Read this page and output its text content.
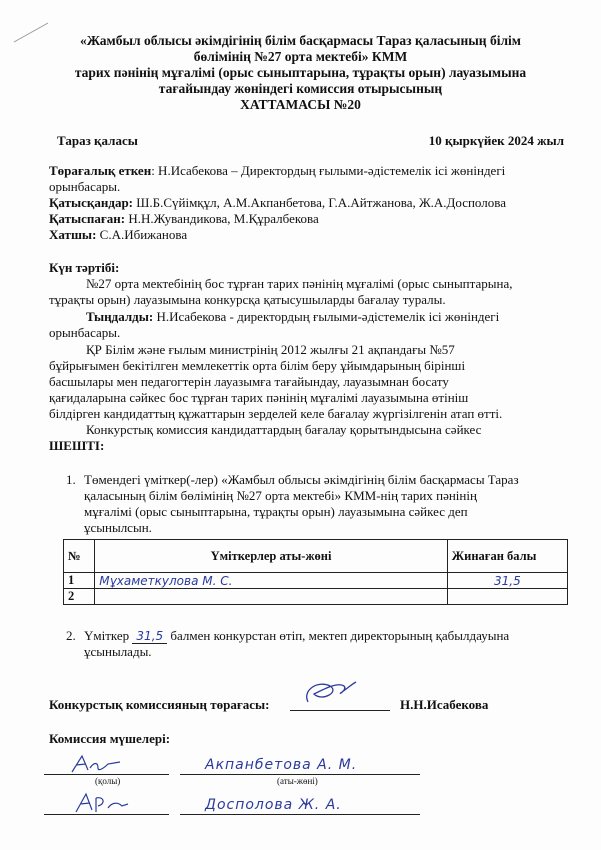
«Жамбыл облысы әкімдігінің білім басқармасы Тараз қаласының білім
бөлімінің №27 орта мектебі» КММ
тарих пәнінің мұғалімі (орыс сыныптарына, тұрақты орын) лауазымына
тағайындау жөніндегі комиссия отырысының
ХАТТАМАСЫ №20
Тараз қаласы	10 қыркүйек 2024 жыл
Төрағалық еткен: Н.Исабекова – Директордың ғылыми-әдістемелік ісі жөніндегі
орынбасары.
Қатысқандар: Ш.Б.Сүйімқұл, А.М.Акпанбетова, Г.А.Айтжанова, Ж.А.Досполова
Қатыспаған: Н.Н.Жувандикова, М.Құралбекова
Хатшы: С.А.Ибижанова
Күн тәртібі:
№27 орта мектебінің бос тұрған тарих пәнінің мұғалімі (орыс сыныптарына,
тұрақты орын) лауазымына конкурсқа қатысушыларды бағалау туралы.
Тыңдалды: Н.Исабекова - директордың ғылыми-әдістемелік ісі жөніндегі
орынбасары.
ҚР Білім және ғылым министрінің 2012 жылғы 21 ақпандағы №57
бұйрығымен бекітілген мемлекеттік орта білім беру ұйымдарының бірінші
басшылары мен педагогтерін лауазымға тағайындау, лауазымнан босату
қағидаларына сәйкес бос тұрған тарих пәнінің мұғалімі лауазымына өтініш
білдірген кандидаттың құжаттарын зерделей келе бағалау жүргізілгенін атап өтті.
Конкурстық комиссия кандидаттардың бағалау қорытындысына сәйкес
ШЕШТІ:
1. Төмендегі үміткер(-лер) «Жамбыл облысы әкімдігінің білім басқармасы Тараз
қаласының білім бөлімінің №27 орта мектебі» КММ-нің тарих пәнінің
мұғалімі (орыс сыныптарына, тұрақты орын) лауазымына сәйкес деп
ұсынылсын.
№	Үміткерлер аты-жөні	Жинаған балы
1	Мұхаметкулова М. С.	31,5
2		
2. Үміткер 31,5 балмен конкурстан өтіп, мектеп директорының қабылдауына
ұсынылады.
Конкурстық комиссияның төрағасы:	Н.Н.Исабекова
Комиссия мүшелері:
Акпанбетова А. М.
(қолы)	(аты-жөні)
Досполова Ж. А.
